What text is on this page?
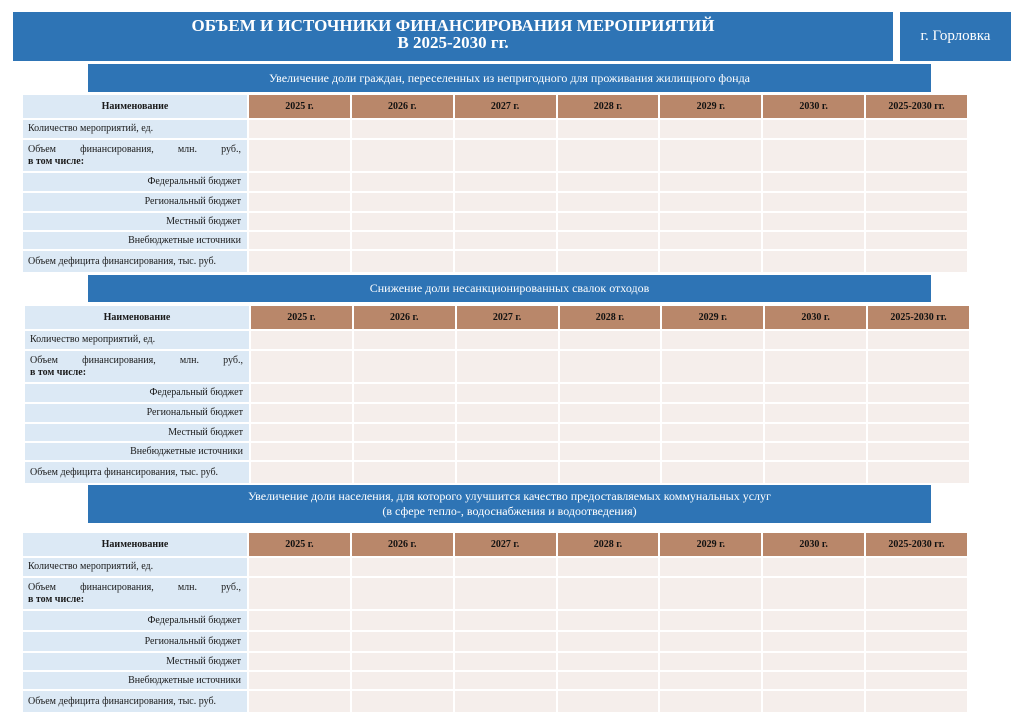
ОБЪЕМ И ИСТОЧНИКИ ФИНАНСИРОВАНИЯ МЕРОПРИЯТИЙ
В 2025-2030 гг.	г. Горловка
Увеличение доли граждан, переселенных из непригодного для проживания жилищного фонда
Наименование	2025 г.	2026 г.	2027 г.	2028 г.	2029 г.	2030 г.	2025-2030 гг.
Количество мероприятий, ед.							

Объем финансирования, млн. руб.,
в том числе:							

Федеральный бюджет							
Региональный бюджет							
Местный бюджет							
Внебюджетные источники							
Объем дефицита финансирования, тыс. руб.							
Снижение доли несанкционированных свалок отходов
Наименование	2025 г.	2026 г.	2027 г.	2028 г.	2029 г.	2030 г.	2025-2030 гг.
Количество мероприятий, ед.							

Объем финансирования, млн. руб.,
в том числе:							

Федеральный бюджет							
Региональный бюджет							
Местный бюджет							
Внебюджетные источники							
Объем дефицита финансирования, тыс. руб.							
Увеличение доли населения, для которого улучшится качество предоставляемых коммунальных услуг
(в сфере тепло-, водоснабжения и водоотведения)
Наименование	2025 г.	2026 г.	2027 г.	2028 г.	2029 г.	2030 г.	2025-2030 гг.
Количество мероприятий, ед.							

Объем финансирования, млн. руб.,
в том числе:							

Федеральный бюджет							
Региональный бюджет							
Местный бюджет							
Внебюджетные источники							
Объем дефицита финансирования, тыс. руб.							
